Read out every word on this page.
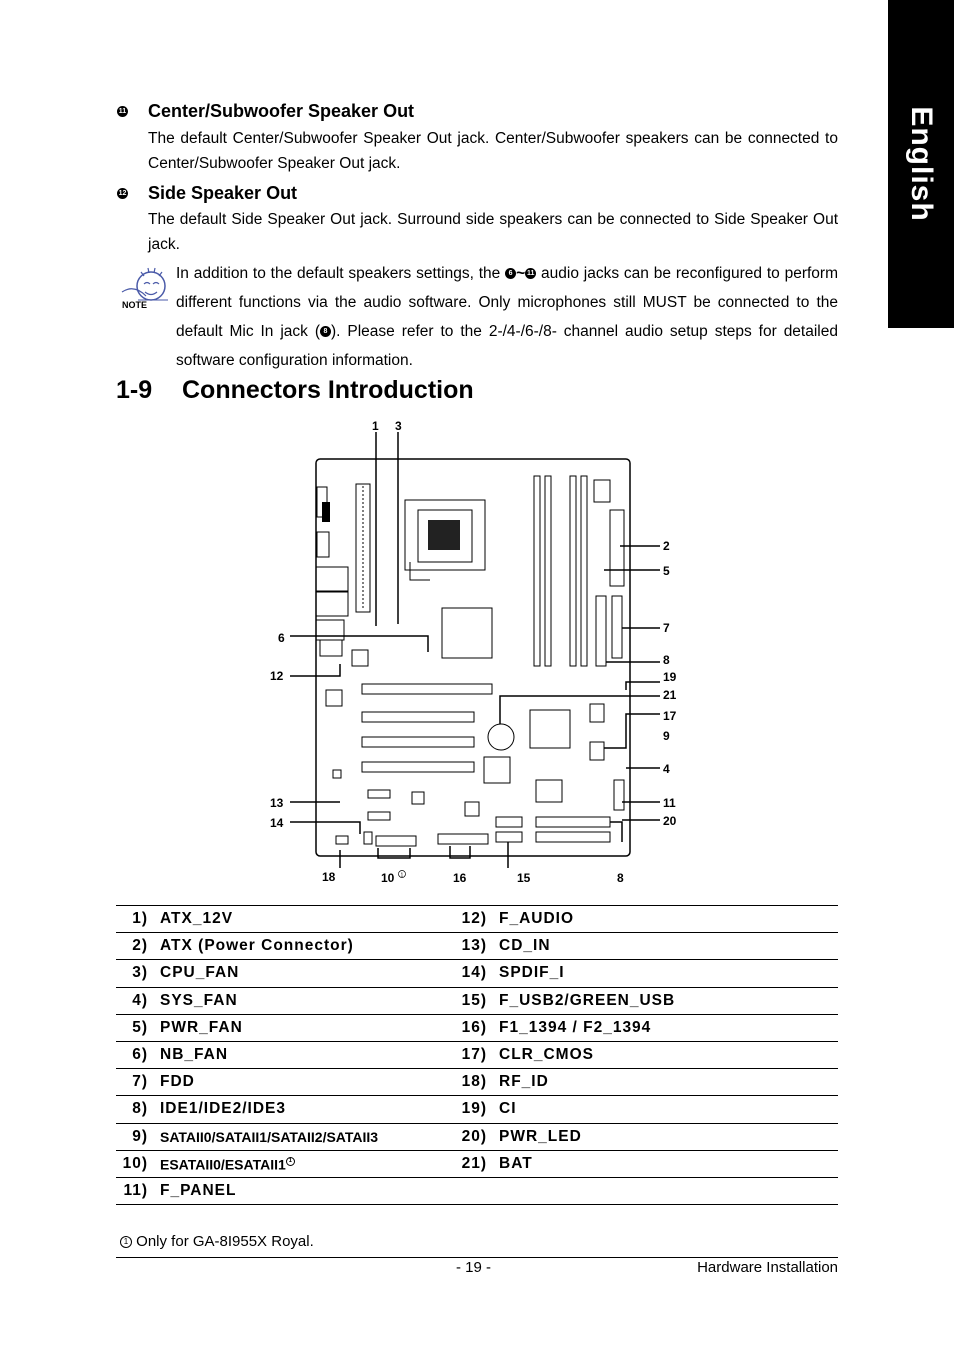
English
11 Center/Subwoofer Speaker Out
The default Center/Subwoofer Speaker Out jack. Center/Subwoofer speakers can be connected to Center/Subwoofer Speaker Out jack.
12 Side Speaker Out
The default Side Speaker Out jack. Surround side speakers can be connected to Side Speaker Out jack.
NOTE
In addition to the default speakers settings, the 6 ~ 11 audio jacks can be reconfigured to perform different functions via the audio software. Only microphones still MUST be connected to the default Mic In jack ( 8 ). Please refer to the 2-/4-/6-/8- channel audio setup steps for detailed software configuration information.
1-9 Connectors Introduction
1 3
2
5
7
8
19
21
17
9
4
11
20
6
12
13
14
18	10 1	16	15	8
1)	ATX_12V	12)	F_AUDIO
2)	ATX (Power Connector)	13)	CD_IN
3)	CPU_FAN	14)	SPDIF_I
4)	SYS_FAN	15)	F_USB2/GREEN_USB
5)	PWR_FAN	16)	F1_1394 / F2_1394
6)	NB_FAN	17)	CLR_CMOS
7)	FDD	18)	RF_ID
8)	IDE1/IDE2/IDE3	19)	CI
9)	SATAII0/SATAII1/SATAII2/SATAII3	20)	PWR_LED
10)	ESATAII0/ESATAII1 $^1$	21)	BAT
11)	F_PANEL		
1 Only for GA-8I955X Royal.
- 19 -	Hardware Installation
